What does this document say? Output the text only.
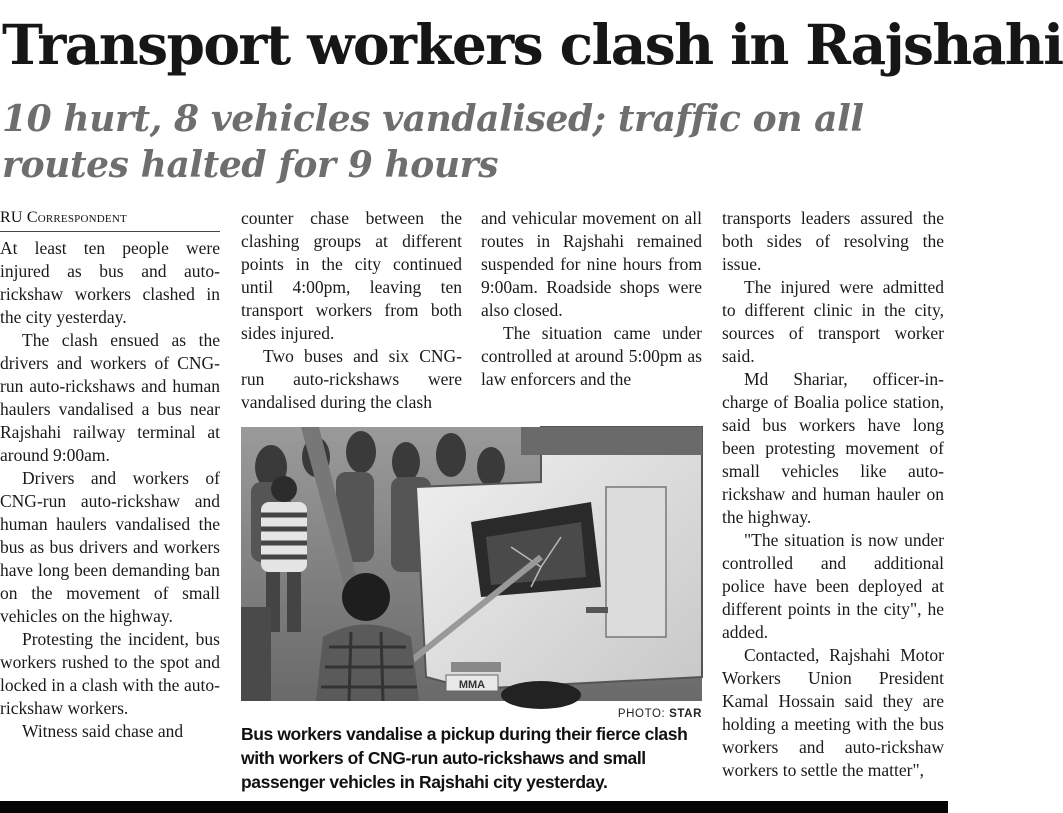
Transport workers clash in Rajshahi
10 hurt, 8 vehicles vandalised; traffic on all routes halted for 9 hours
RU Correspondent

At least ten people were injured as bus and auto-rickshaw workers clashed in the city yesterday.

The clash ensued as the drivers and workers of CNG-run auto-rickshaws and human haulers vandalised a bus near Rajshahi railway terminal at around 9:00am.

Drivers and workers of CNG-run auto-rickshaw and human haulers vandalised the bus as bus drivers and workers have long been demanding ban on the movement of small vehicles on the highway.

Protesting the incident, bus workers rushed to the spot and locked in a clash with the auto-rickshaw workers.

Witness said chase and

counter chase between the clashing groups at different points in the city continued until 4:00pm, leaving ten transport workers from both sides injured.

Two buses and six CNG-run auto-rickshaws were vandalised during the clash

and vehicular movement on all routes in Rajshahi remained suspended for nine hours from 9:00am. Roadside shops were also closed.

The situation came under controlled at around 5:00pm as law enforcers and the

transports leaders assured the both sides of resolving the issue.

The injured were admitted to different clinic in the city, sources of transport worker said.

Md Shariar, officer-in-charge of Boalia police station, said bus workers have long been protesting movement of small vehicles like auto-rickshaw and human hauler on the highway.

"The situation is now under controlled and additional police have been deployed at different points in the city", he added.

Contacted, Rajshahi Motor Workers Union President Kamal Hossain said they are holding a meeting with the bus workers and auto-rickshaw workers to settle the matter",

MMA
PHOTO: STAR
Bus workers vandalise a pickup during their fierce clash with workers of CNG-run auto-rickshaws and small passenger vehicles in Rajshahi city yesterday.
